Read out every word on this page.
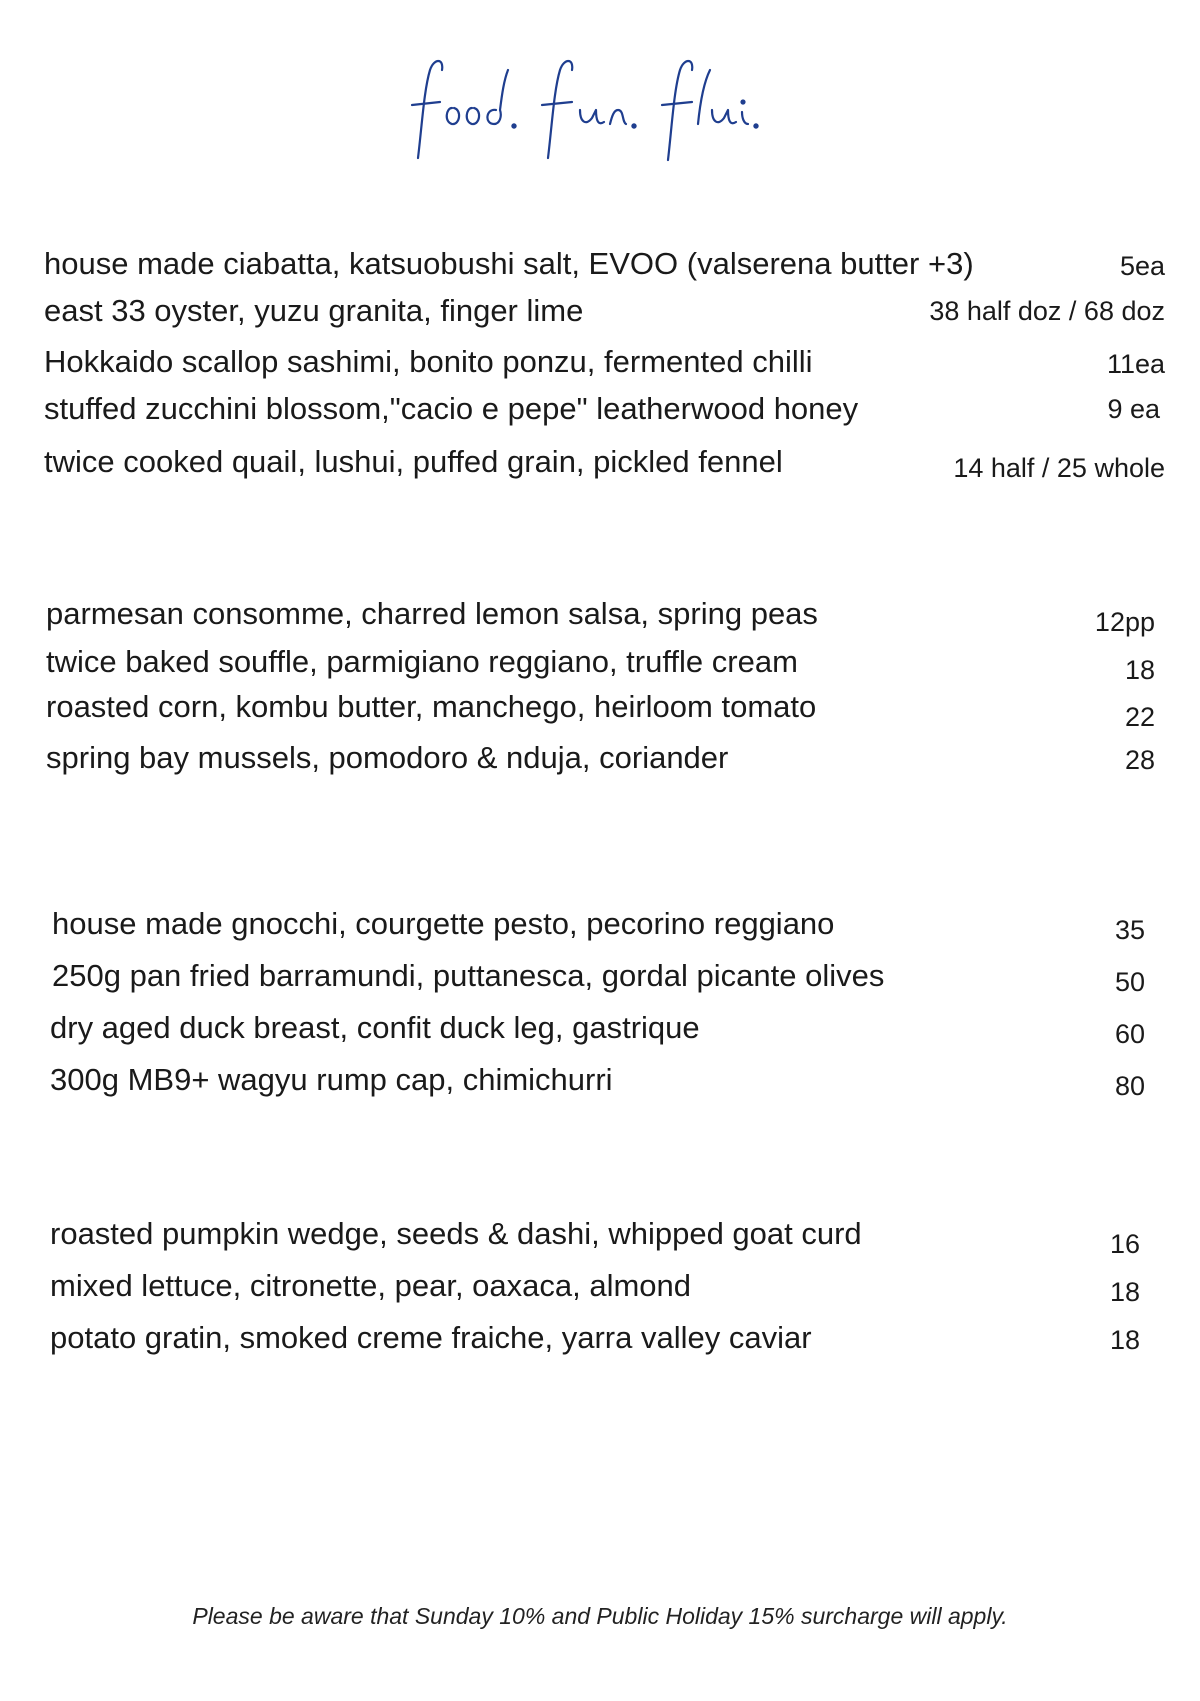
house made ciabatta, katsuobushi salt, EVOO (valserena butter +3)	5ea
east 33 oyster, yuzu granita, finger lime	38 half doz / 68 doz
Hokkaido scallop sashimi, bonito ponzu, fermented chilli	11ea
stuffed zucchini blossom,"cacio e pepe" leatherwood honey	9 ea
twice cooked quail, lushui, puffed grain, pickled fennel	14 half / 25 whole
parmesan consomme, charred lemon salsa, spring peas	12pp
twice baked souffle, parmigiano reggiano, truffle cream	18
roasted corn, kombu butter, manchego, heirloom tomato	22
spring bay mussels, pomodoro & nduja, coriander	28
house made gnocchi, courgette pesto, pecorino reggiano	35
250g pan fried barramundi, puttanesca, gordal picante olives	50
dry aged duck breast, confit duck leg, gastrique	60
300g MB9+ wagyu rump cap, chimichurri	80
roasted pumpkin wedge, seeds & dashi, whipped goat curd	16
mixed lettuce, citronette, pear, oaxaca, almond	18
potato gratin, smoked creme fraiche, yarra valley caviar	18
Please be aware that Sunday 10% and Public Holiday 15% surcharge will apply.
